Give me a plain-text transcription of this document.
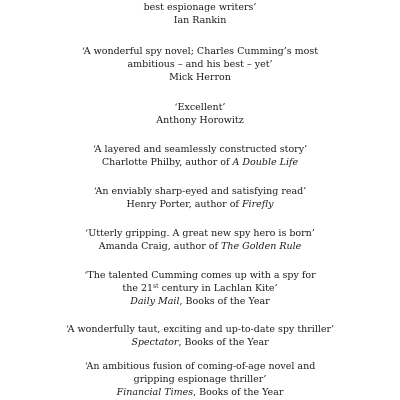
best espionage writers’
Ian Rankin
‘A wonderful spy novel; Charles Cumming’s most
ambitious – and his best – yet’
Mick Herron
‘Excellent’
Anthony Horowitz
‘A layered and seamlessly constructed story’
Charlotte Philby, author of A Double Life
‘An enviably sharp-eyed and satisfying read’
Henry Porter, author of Firefly
‘Utterly gripping. A great new spy hero is born’
Amanda Craig, author of The Golden Rule
‘The talented Cumming comes up with a spy for
the 21st century in Lachlan Kite’
Daily Mail, Books of the Year
‘A wonderfully taut, exciting and up-to-date spy thriller’
Spectator, Books of the Year
‘An ambitious fusion of coming-of-age novel and
gripping espionage thriller’
Financial Times, Books of the Year
